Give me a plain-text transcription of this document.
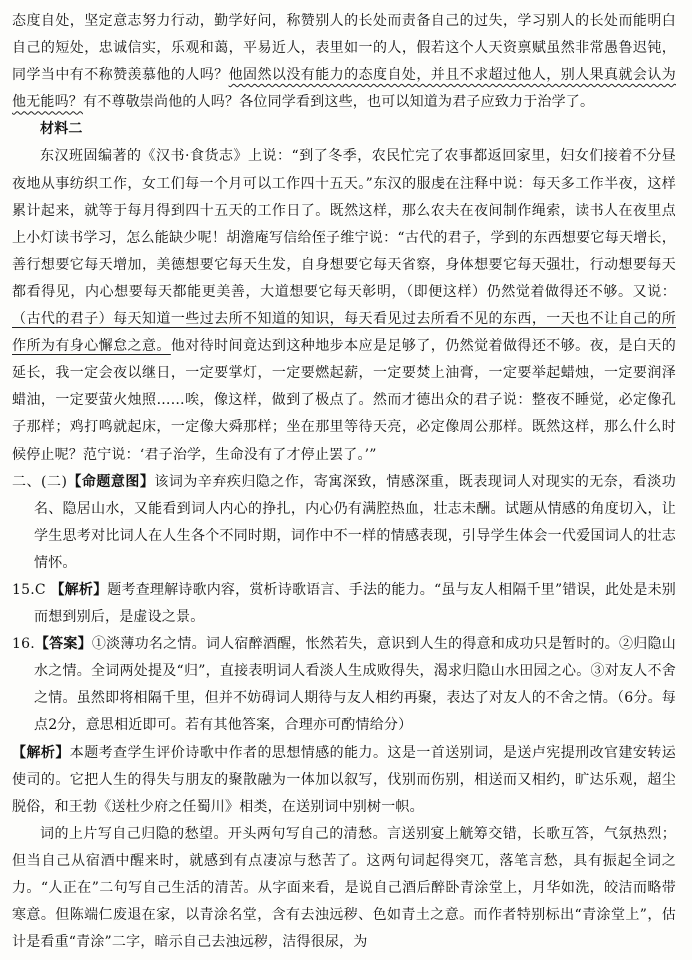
态度自处，坚定意志努力行动，勤学好问，称赞别人的长处而责备自己的过失，学习别人的长处而能明白自己的短处，忠诚信实，乐观和蔼，平易近人，表里如一的人，假若这个人天资禀赋虽然非常愚鲁迟钝，同学当中有不称赞羡慕他的人吗？他固然以没有能力的态度自处，并且不求超过他人，别人果真就会认为他无能吗？有不尊敬崇尚他的人吗？各位同学看到这些，也可以知道为君子应致力于治学了。

材料二

东汉班固编著的《汉书·食货志》上说：“到了冬季，农民忙完了农事都返回家里，妇女们接着不分昼夜地从事纺织工作，女工们每一个月可以工作四十五天。”东汉的服虔在注释中说：每天多工作半夜，这样累计起来，就等于每月得到四十五天的工作日了。既然这样，那么农夫在夜间制作绳索，读书人在夜里点上小灯读书学习，怎么能缺少呢！胡澹庵写信给侄子维宁说：“古代的君子，学到的东西想要它每天增长，善行想要它每天增加，美德想要它每天生发，自身想要它每天省察，身体想要它每天强壮，行动想要每天都看得见，内心想要每天都能更美善，大道想要它每天彰明，（即便这样）仍然觉着做得还不够。又说：（古代的君子）每天知道一些过去所不知道的知识，每天看见过去所看不见的东西，一天也不让自己的所作所为有身心懈怠之意。他对待时间竟达到这种地步本应是足够了，仍然觉着做得还不够。夜，是白天的延长，我一定会夜以继日，一定要掌灯，一定要燃起薪，一定要焚上油膏，一定要举起蜡烛，一定要润泽蜡油，一定要萤火烛照……唉，像这样，做到了极点了。然而才德出众的君子说：整夜不睡觉，必定像孔子那样；鸡打鸣就起床，一定像大舜那样；坐在那里等待天亮，必定像周公那样。既然这样，那么什么时候停止呢？范宁说：‘君子治学，生命没有了才停止罢了。’”

二、(二)【命题意图】该词为辛弃疾归隐之作，寄寓深致，情感深重，既表现词人对现实的无奈，看淡功名、隐居山水，又能看到词人内心的挣扎，内心仍有满腔热血，壮志未酬。试题从情感的角度切入，让学生思考对比词人在人生各个不同时期，词作中不一样的情感表现，引导学生体会一代爱国词人的壮志情怀。

15.C 【解析】题考查理解诗歌内容，赏析诗歌语言、手法的能力。“虽与友人相隔千里”错误，此处是未别而想到别后，是虚设之景。

16.【答案】①淡薄功名之情。词人宿醉酒醒，怅然若失，意识到人生的得意和成功只是暂时的。②归隐山水之情。全词两处提及“归”，直接表明词人看淡人生成败得失，渴求归隐山水田园之心。③对友人不舍之情。虽然即将相隔千里，但并不妨碍词人期待与友人相约再聚，表达了对友人的不舍之情。（6分。每点2分，意思相近即可。若有其他答案，合理亦可酌情给分）

【解析】本题考查学生评价诗歌中作者的思想情感的能力。这是一首送别词，是送卢宪提刑改官建安转运使司的。它把人生的得失与朋友的聚散融为一体加以叙写，伐别而伤别，相送而又相约，旷达乐观，超尘脱俗，和王勃《送杜少府之任蜀川》相类，在送别词中别树一帜。

词的上片写自己归隐的愁望。开头两句写自己的清愁。言送别宴上觥筹交错，长歌互答，气氛热烈；但当自己从宿酒中醒来时，就感到有点凄凉与愁苦了。这两句词起得突兀，落笔言愁，具有振起全词之力。“人正在”二句写自己生活的清苦。从字面来看，是说自己酒后醉卧青涂堂上，月华如洗，皎洁而略带寒意。但陈端仁废退在家，以青涂名堂，含有去浊远秽、色如青土之意。而作者特别标出“青涂堂上”，估计是看重“青涂”二字，暗示自己去浊远秽，洁得很尿，为
